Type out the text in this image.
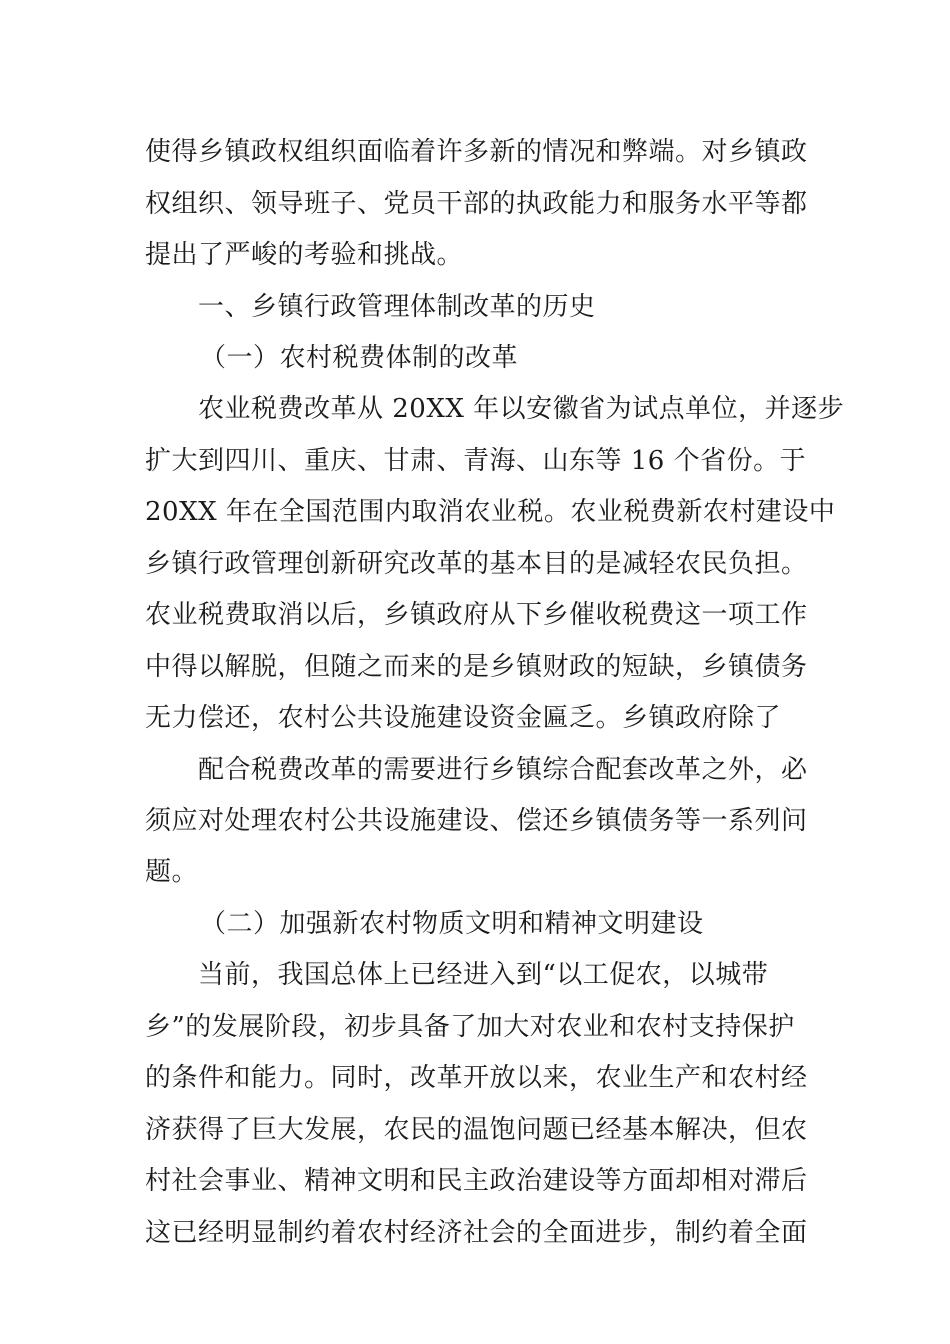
使得乡镇政权组织面临着许多新的情况和弊端。对乡镇政
权组织、领导班子、党员干部的执政能力和服务水平等都
提出了严峻的考验和挑战。
一、乡镇行政管理体制改革的历史
（一）农村税费体制的改革
农业税费改革从 20XX 年以安徽省为试点单位，并逐步
扩大到四川、重庆、甘肃、青海、山东等 16 个省份。于
20XX 年在全国范围内取消农业税。农业税费新农村建设中
乡镇行政管理创新研究改革的基本目的是减轻农民负担。
农业税费取消以后，乡镇政府从下乡催收税费这一项工作
中得以解脱，但随之而来的是乡镇财政的短缺，乡镇债务
无力偿还，农村公共设施建设资金匾乏。乡镇政府除了
配合税费改革的需要进行乡镇综合配套改革之外，必
须应对处理农村公共设施建设、偿还乡镇债务等一系列问
题。
（二）加强新农村物质文明和精神文明建设
当前，我国总体上已经进入到“以工促农，以城带
乡”的发展阶段，初步具备了加大对农业和农村支持保护
的条件和能力。同时，改革开放以来，农业生产和农村经
济获得了巨大发展，农民的温饱问题已经基本解决，但农
村社会事业、精神文明和民主政治建设等方面却相对滞后
这已经明显制约着农村经济社会的全面进步，制约着全面
